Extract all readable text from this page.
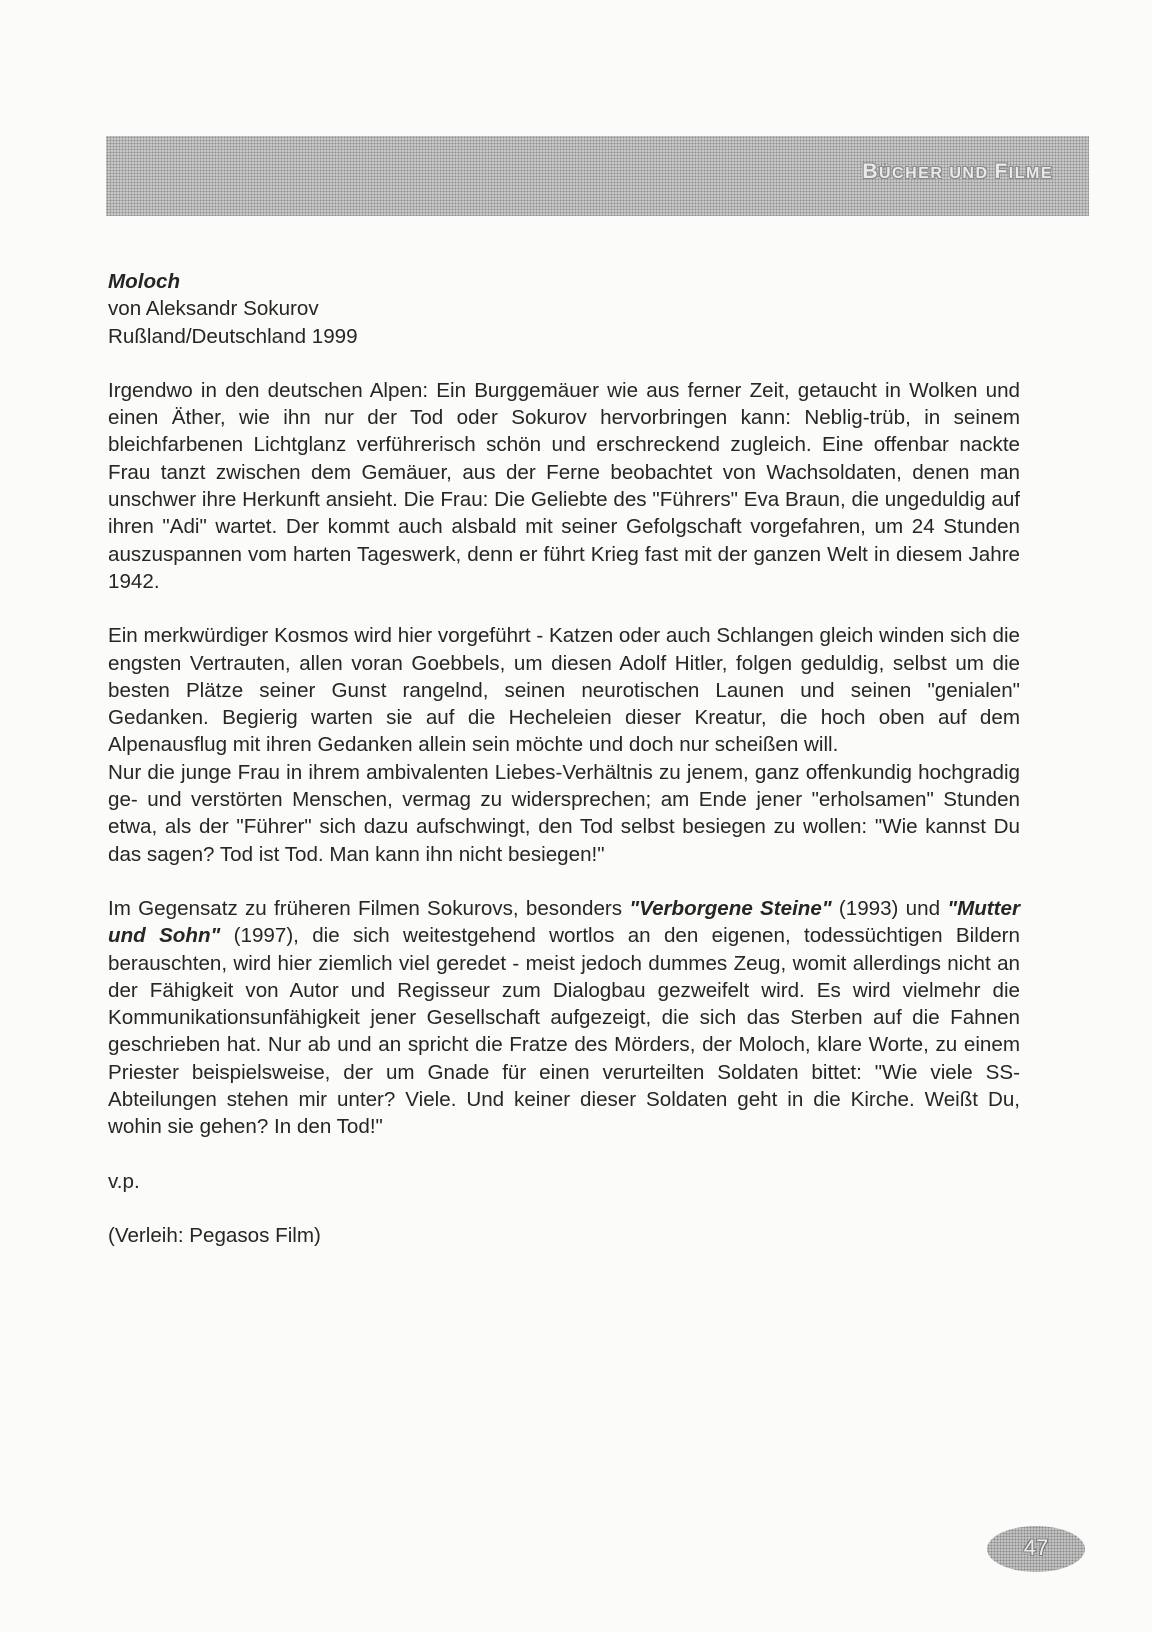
BÜCHER UND FILME

Moloch

von Aleksandr Sokurov

Rußland/Deutschland 1999

Irgendwo in den deutschen Alpen: Ein Burggemäuer wie aus ferner Zeit, getaucht in Wolken und einen Äther, wie ihn nur der Tod oder Sokurov hervorbringen kann: Neblig-trüb, in seinem bleichfarbenen Lichtglanz verführerisch schön und erschreckend zugleich. Eine offenbar nackte Frau tanzt zwischen dem Gemäuer, aus der Ferne beobachtet von Wachsoldaten, denen man unschwer ihre Herkunft ansieht. Die Frau: Die Geliebte des "Führers" Eva Braun, die ungeduldig auf ihren "Adi" wartet. Der kommt auch alsbald mit seiner Gefolgschaft vorgefahren, um 24 Stunden auszuspannen vom harten Tageswerk, denn er führt Krieg fast mit der ganzen Welt in diesem Jahre 1942.

Ein merkwürdiger Kosmos wird hier vorgeführt - Katzen oder auch Schlangen gleich winden sich die engsten Vertrauten, allen voran Goebbels, um diesen Adolf Hitler, folgen geduldig, selbst um die besten Plätze seiner Gunst rangelnd, seinen neurotischen Launen und seinen "genialen" Gedanken. Begierig warten sie auf die Hecheleien dieser Kreatur, die hoch oben auf dem Alpenausflug mit ihren Gedanken allein sein möchte und doch nur scheißen will.

Nur die junge Frau in ihrem ambivalenten Liebes-Verhältnis zu jenem, ganz offenkundig hochgradig ge- und verstörten Menschen, vermag zu widersprechen; am Ende jener "erholsamen" Stunden etwa, als der "Führer" sich dazu aufschwingt, den Tod selbst besiegen zu wollen: "Wie kannst Du das sagen? Tod ist Tod. Man kann ihn nicht besiegen!"

Im Gegensatz zu früheren Filmen Sokurovs, besonders "Verborgene Steine" (1993) und "Mutter und Sohn" (1997), die sich weitestgehend wortlos an den eigenen, todessüchtigen Bildern berauschten, wird hier ziemlich viel geredet - meist jedoch dummes Zeug, womit allerdings nicht an der Fähigkeit von Autor und Regisseur zum Dialogbau gezweifelt wird. Es wird vielmehr die Kommunikationsunfähigkeit jener Gesellschaft aufgezeigt, die sich das Sterben auf die Fahnen geschrieben hat. Nur ab und an spricht die Fratze des Mörders, der Moloch, klare Worte, zu einem Priester beispielsweise, der um Gnade für einen verurteilten Soldaten bittet: "Wie viele SS-Abteilungen stehen mir unter? Viele. Und keiner dieser Soldaten geht in die Kirche. Weißt Du, wohin sie gehen? In den Tod!"

v.p.

(Verleih: Pegasos Film)

47
